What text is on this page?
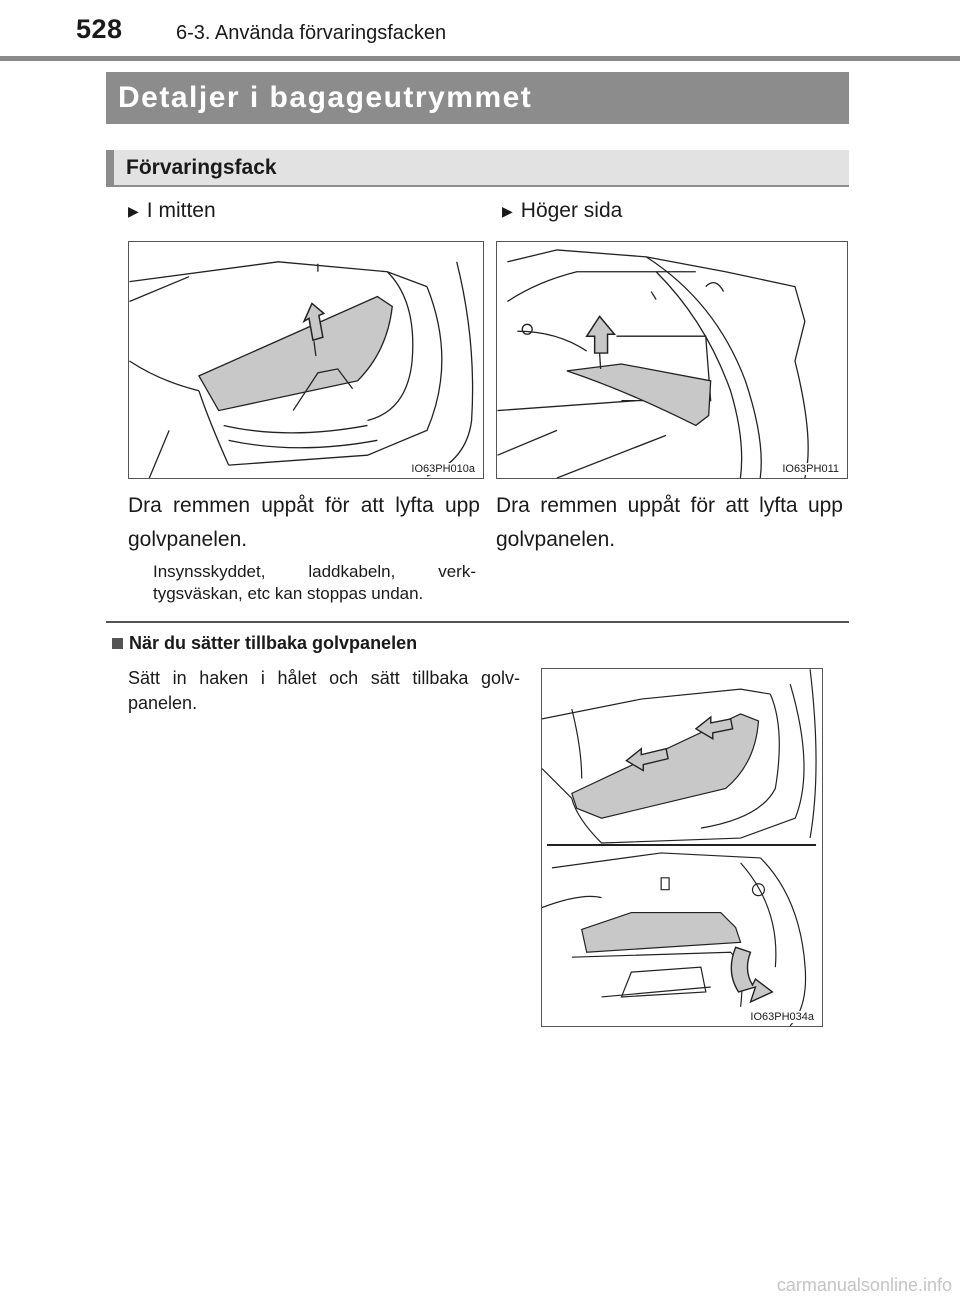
528	6-3. Använda förvaringsfacken
Detaljer i bagageutrymmet
Förvaringsfack
▶ I mitten
IO63PH010a
Dra remmen uppåt för att lyfta upp golvpanelen.
Insynsskyddet, laddkabeln, verk-tygsväskan, etc kan stoppas undan.
▶ Höger sida
IO63PH011
Dra remmen uppåt för att lyfta upp golvpanelen.
När du sätter tillbaka golvpanelen
Sätt in haken i hålet och sätt tillbaka golv-panelen.
IO63PH034a
carmanualsonline.info
